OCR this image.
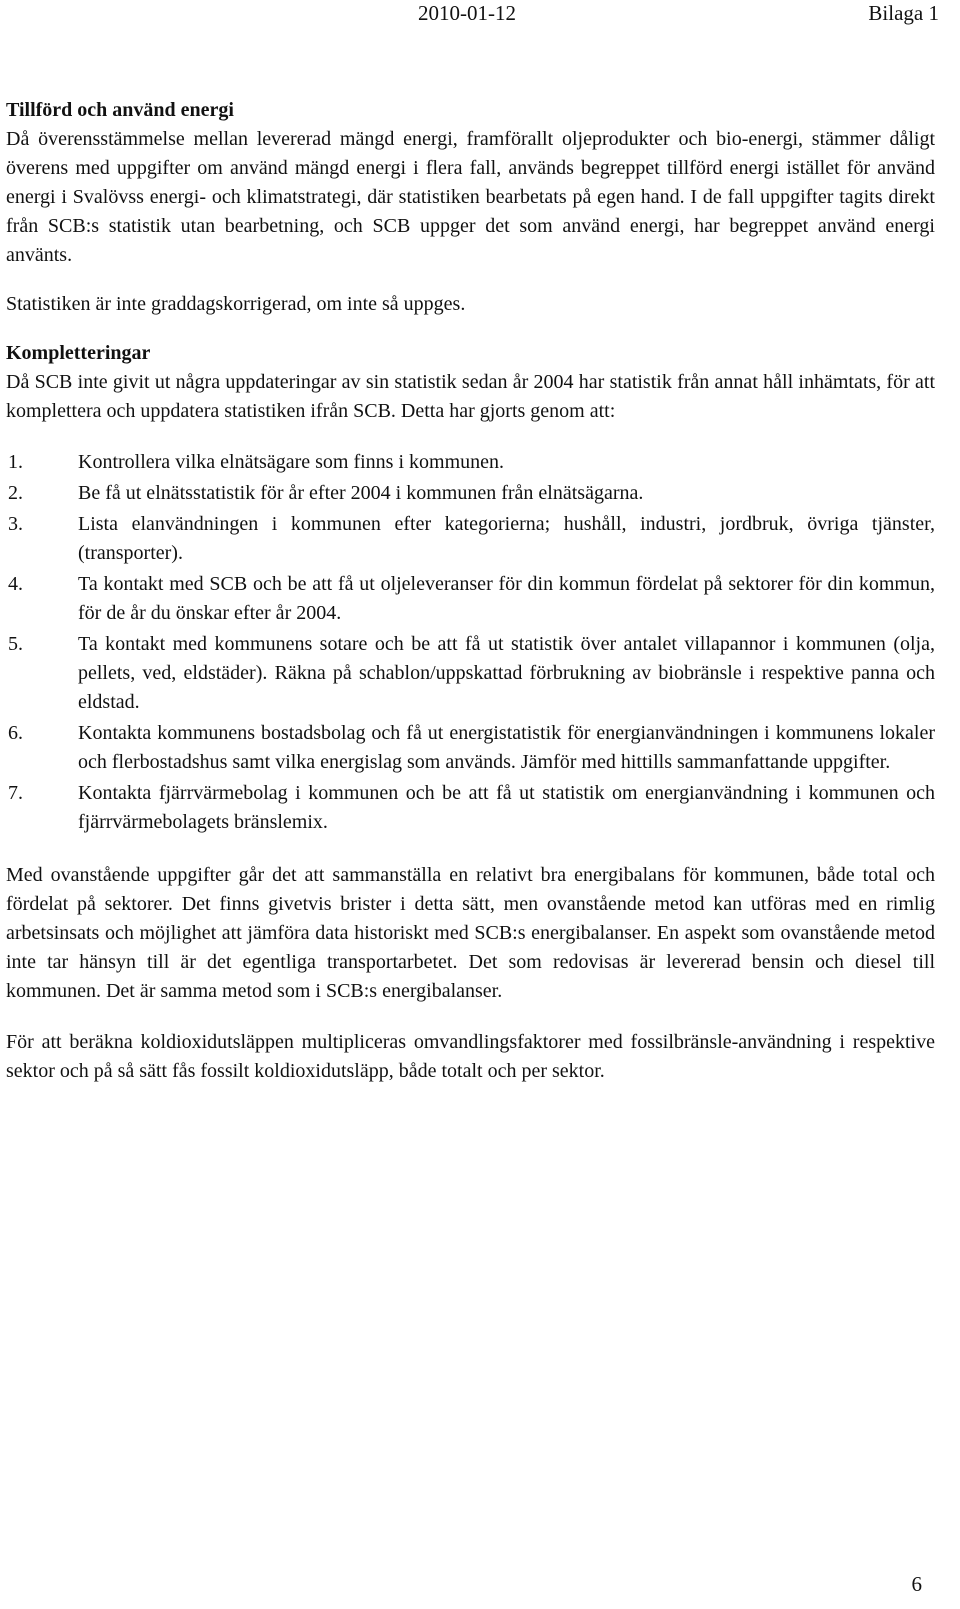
2010-01-12	Bilaga 1

Tillförd och använd energi

Då överensstämmelse mellan levererad mängd energi, framförallt oljeprodukter och bio-energi, stämmer dåligt överens med uppgifter om använd mängd energi i flera fall, används begreppet tillförd energi istället för använd energi i Svalövss energi- och klimatstrategi, där statistiken bearbetats på egen hand. I de fall uppgifter tagits direkt från SCB:s statistik utan bearbetning, och SCB uppger det som använd energi, har begreppet använd energi använts.

Statistiken är inte graddagskorrigerad, om inte så uppges.

Kompletteringar

Då SCB inte givit ut några uppdateringar av sin statistik sedan år 2004 har statistik från annat håll inhämtats, för att komplettera och uppdatera statistiken ifrån SCB. Detta har gjorts genom att:

1.	Kontrollera vilka elnätsägare som finns i kommunen.
2.	Be få ut elnätsstatistik för år efter 2004 i kommunen från elnätsägarna.
3.	Lista elanvändningen i kommunen efter kategorierna; hushåll, industri, jordbruk, övriga tjänster, (transporter).
4.	Ta kontakt med SCB och be att få ut oljeleveranser för din kommun fördelat på sektorer för din kommun, för de år du önskar efter år 2004.
5.	Ta kontakt med kommunens sotare och be att få ut statistik över antalet villapannor i kommunen (olja, pellets, ved, eldstäder). Räkna på schablon/uppskattad förbrukning av biobränsle i respektive panna och eldstad.
6.	Kontakta kommunens bostadsbolag och få ut energistatistik för energianvändningen i kommunens lokaler och flerbostadshus samt vilka energislag som används. Jämför med hittills sammanfattande uppgifter.
7.	Kontakta fjärrvärmebolag i kommunen och be att få ut statistik om energianvändning i kommunen och fjärrvärmebolagets bränslemix.

Med ovanstående uppgifter går det att sammanställa en relativt bra energibalans för kommunen, både total och fördelat på sektorer. Det finns givetvis brister i detta sätt, men ovanstående metod kan utföras med en rimlig arbetsinsats och möjlighet att jämföra data historiskt med SCB:s energibalanser. En aspekt som ovanstående metod inte tar hänsyn till är det egentliga transportarbetet. Det som redovisas är levererad bensin och diesel till kommunen. Det är samma metod som i SCB:s energibalanser.

För att beräkna koldioxidutsläppen multipliceras omvandlingsfaktorer med fossilbränsle-användning i respektive sektor och på så sätt fås fossilt koldioxidutsläpp, både totalt och per sektor.

6
